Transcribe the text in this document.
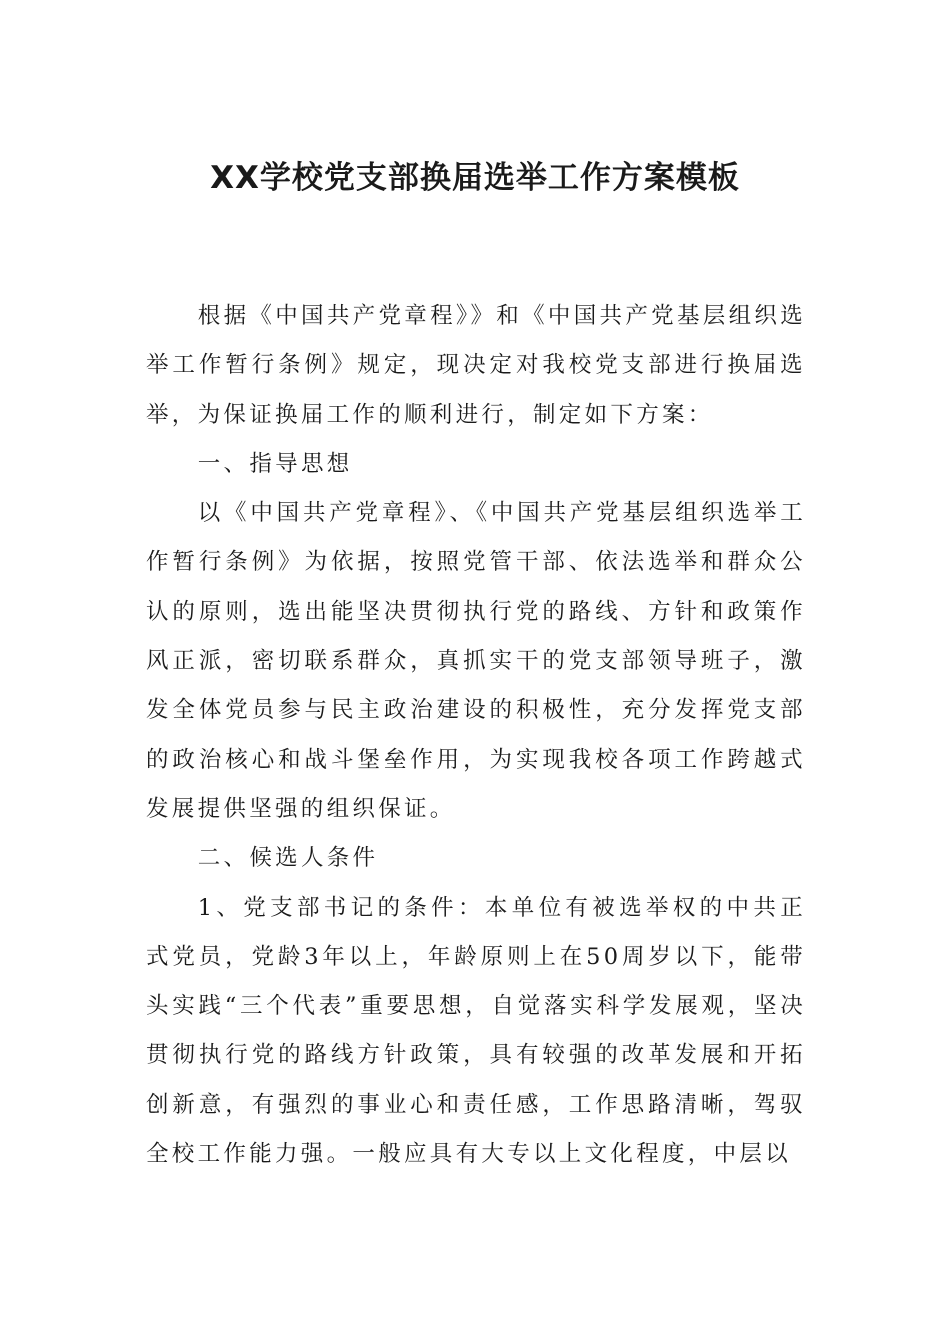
XX学校党支部换届选举工作方案模板

根据《中国共产党章程》》和《中国共产党基层组织选举工作暂行条例》规定，现决定对我校党支部进行换届选举，为保证换届工作的顺利进行，制定如下方案：

一、指导思想

以《中国共产党章程》、《中国共产党基层组织选举工作暂行条例》为依据，按照党管干部、依法选举和群众公认的原则，选出能坚决贯彻执行党的路线、方针和政策作风正派，密切联系群众，真抓实干的党支部领导班子，激发全体党员参与民主政治建设的积极性，充分发挥党支部的政治核心和战斗堡垒作用，为实现我校各项工作跨越式发展提供坚强的组织保证。

二、候选人条件

1、党支部书记的条件：本单位有被选举权的中共正式党员，党龄3年以上，年龄原则上在50周岁以下，能带头实践“三个代表”重要思想，自觉落实科学发展观，坚决贯彻执行党的路线方针政策，具有较强的改革发展和开拓创新意，有强烈的事业心和责任感，工作思路清晰，驾驭全校工作能力强。一般应具有大专以上文化程度，中层以
